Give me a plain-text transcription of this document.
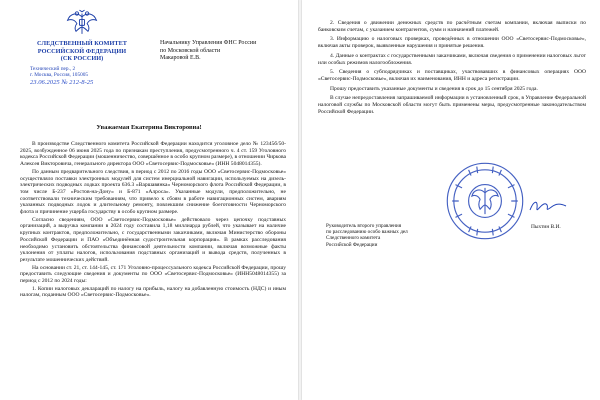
СЛЕДСТВЕННЫЙ КОМИТЕТ
РОССИЙСКОЙ ФЕДЕРАЦИИ
(СК РОССИИ)
Технический пер., 2
г. Москва, Россия, 105005
23.06.2025 № 212-8-25
Начальнику Управления ФНС России
по Московской области
Макаровой Е.В.
Уважаемая Екатерина Викторовна!

В производстве Следственного комитета Российской Федерации находится уголовное дело № 12345б/50-2025, возбужденное 06 июня 2025 года по признакам преступления, предусмотренного ч. 4 ст. 159 Уголовного кодекса Российской Федерации (мошенничество, совершённое в особо крупном размере), в отношении Чиркова Алексея Викторовича, генерального директора ООО «Светосервис-Подмосковье» (ИНН 5048014355).

По данным предварительного следствия, в период с 2012 по 2016 годы ООО «Светосервис-Подмосковье» осуществляло поставки электронных модулей для систем инерциальной навигации, используемых на дизель-электрических подводных лодках проекта 636.3 «Варшавянка» Черноморского флота Российской Федерации, в том числе Б-237 «Ростов-на-Дону» и Б-871 «Алроса». Указанные модули, предположительно, не соответствовали техническим требованиям, что привело к сбоям в работе навигационных систем, авариям указанных подводных лодок и длительному ремонту, повлекшим снижение боеготовности Черноморского флота и причинение ущерба государству в особо крупном размере.

Согласно сведениям, ООО «Светосервис-Подмосковье» действовало через цепочку подставных организаций, а выручка компании в 2024 году составила 1,18 миллиарда рублей, что указывает на наличие крупных контрактов, предположительно, с государственными заказчиками, включая Министерство обороны Российской Федерации и ПАО «Объединённая судостроительная корпорация». В рамках расследования необходимо установить обстоятельства финансовой деятельности компании, включая возможные факты уклонения от уплаты налогов, использования подставных организаций и вывода средств, полученных в результате мошеннических действий.

На основании ст. 21, ст. 144-145, ст. 171 Уголовно-процессуального кодекса Российской Федерации, прошу предоставить следующие сведения и документы по ООО «Светосервис-Подмосковье» (ИНН5048014355) за период с 2012 по 2024 годы:

1. Копии налоговых деклараций по налогу на прибыль, налогу на добавленную стоимость (НДС) и иным налогам, поданным ООО «Светосервис-Подмосковье».

2. Сведения о движении денежных средств по расчётным счетам компании, включая выписки по банковским счетам, с указанием контрагентов, сумм и назначений платежей.

3. Информацию о налоговых проверках, проведённых в отношении ООО «Светосервис-Подмосковье», включая акты проверок, выявленные нарушения и принятые решения.

4. Данные о контрактах с государственными заказчиками, включая сведения о применении налоговых льгот или особых режимов налогообложения.

5. Сведения о субподрядчиках и поставщиках, участвовавших в финансовых операциях ООО «Светосервис-Подмосковье», включая их наименования, ИНН и адреса регистрации.

Прошу предоставить указанные документы и сведения в срок до 15 сентября 2025 года.

В случае непредоставления запрашиваемой информации в установленный срок, в Управление Федеральной налоговой службы по Московской области могут быть применены меры, предусмотренные законодательством Российской Федерации.

Руководитель второго управления
по расследованию особо важных дел
Следственного комитета
Российской Федерации
Пыхтин В.И.
